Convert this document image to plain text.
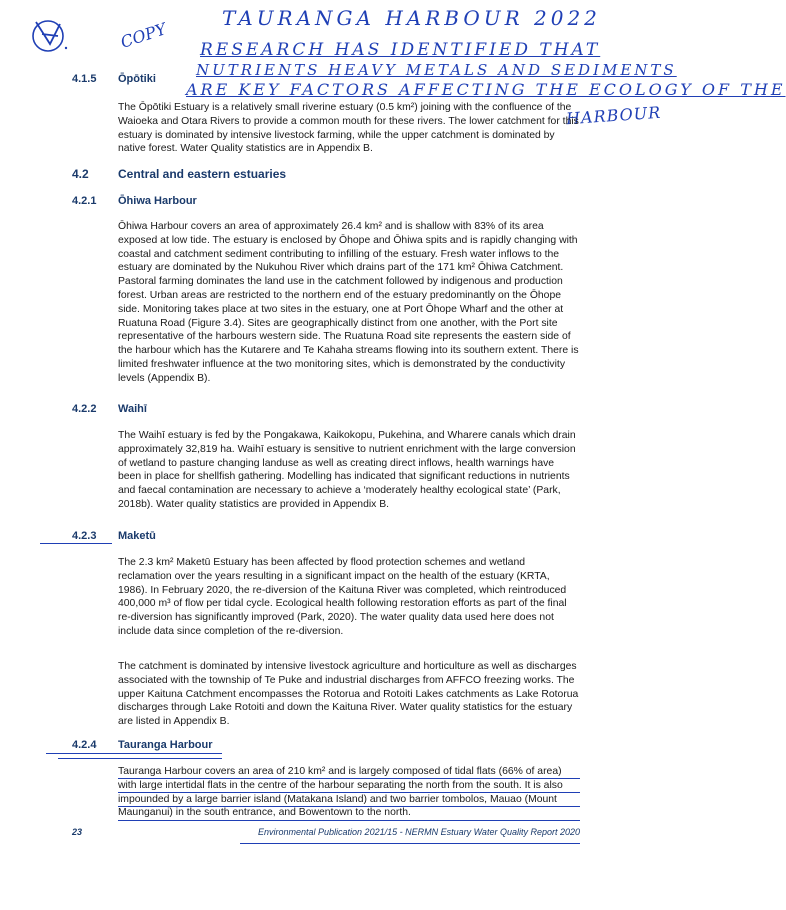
COPY
TAURANGA HARBOUR 2022
RESEARCH HAS IDENTIFIED THAT
NUTRIENTS HEAVY METALS AND SEDIMENTS
ARE KEY FACTORS AFFECTING THE ECOLOGY OF THE
HARBOUR
4.1.5 Ōpōtiki
The Ōpōtiki Estuary is a relatively small riverine estuary (0.5 km²) joining with the confluence of the Waioeka and Otara Rivers to provide a common mouth for these rivers. The lower catchment for this estuary is dominated by intensive livestock farming, while the upper catchment is dominated by native forest. Water Quality statistics are in Appendix B.
4.2 Central and eastern estuaries
4.2.1 Ōhiwa Harbour
Ōhiwa Harbour covers an area of approximately 26.4 km² and is shallow with 83% of its area exposed at low tide. The estuary is enclosed by Ōhope and Ōhiwa spits and is rapidly changing with coastal and catchment sediment contributing to infilling of the estuary. Fresh water inflows to the estuary are dominated by the Nukuhou River which drains part of the 171 km² Ōhiwa Catchment. Pastoral farming dominates the land use in the catchment followed by indigenous and production forest. Urban areas are restricted to the northern end of the estuary predominantly on the Ōhope side. Monitoring takes place at two sites in the estuary, one at Port Ōhope Wharf and the other at Ruatuna Road (Figure 3.4). Sites are geographically distinct from one another, with the Port site representative of the harbours western side. The Ruatuna Road site represents the eastern side of the harbour which has the Kutarere and Te Kahaha streams flowing into its southern extent. There is limited freshwater influence at the two monitoring sites, which is demonstrated by the conductivity levels (Appendix B).
4.2.2 Waihī
The Waihī estuary is fed by the Pongakawa, Kaikokopu, Pukehina, and Wharere canals which drain approximately 32,819 ha. Waihī estuary is sensitive to nutrient enrichment with the large conversion of wetland to pasture changing landuse as well as creating direct inflows, health warnings have been in place for shellfish gathering. Modelling has indicated that significant reductions in nutrients and faecal contamination are necessary to achieve a ‘moderately healthy ecological state’ (Park, 2018b). Water quality statistics are provided in Appendix B.
4.2.3 Maketū
The 2.3 km² Maketū Estuary has been affected by flood protection schemes and wetland reclamation over the years resulting in a significant impact on the health of the estuary (KRTA, 1986). In February 2020, the re-diversion of the Kaituna River was completed, which reintroduced 400,000 m³ of flow per tidal cycle. Ecological health following restoration efforts as part of the final re-diversion has significantly improved (Park, 2020). The water quality data used here does not include data since completion of the re-diversion.
The catchment is dominated by intensive livestock agriculture and horticulture as well as discharges associated with the township of Te Puke and industrial discharges from AFFCO freezing works. The upper Kaituna Catchment encompasses the Rotorua and Rotoiti Lakes catchments as Lake Rotorua discharges through Lake Rotoiti and down the Kaituna River. Water quality statistics for the estuary are listed in Appendix B.
4.2.4 Tauranga Harbour
Tauranga Harbour covers an area of 210 km² and is largely composed of tidal flats (66% of area) with large intertidal flats in the centre of the harbour separating the north from the south. It is also impounded by a large barrier island (Matakana Island) and two barrier tombolos, Mauao (Mount Maunganui) in the south entrance, and Bowentown to the north.
23	Environmental Publication 2021/15 - NERMN Estuary Water Quality Report 2020
